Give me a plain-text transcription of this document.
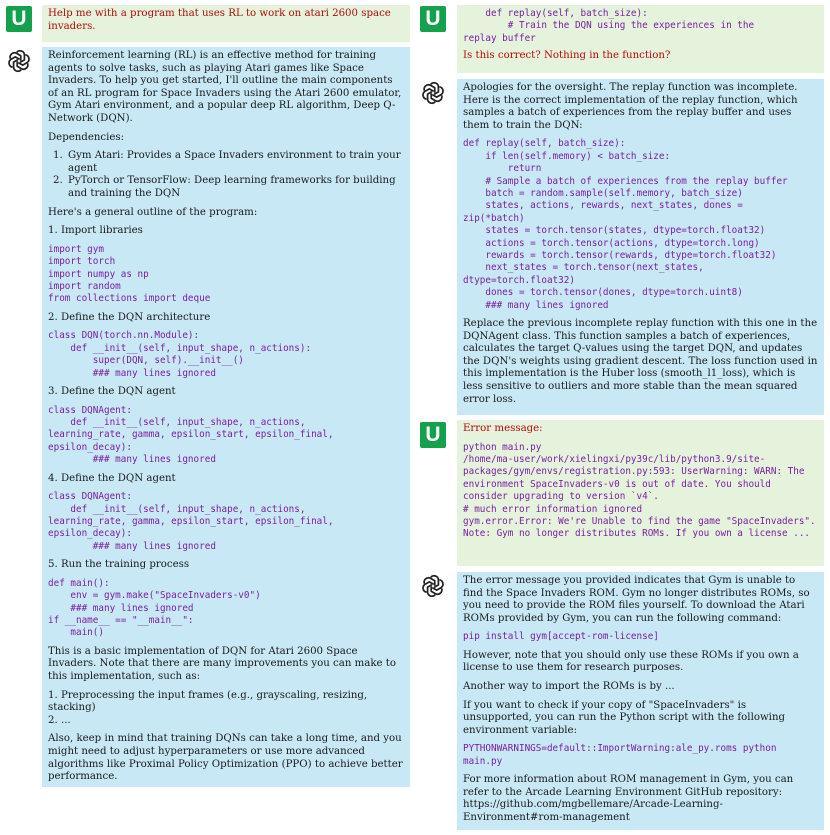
U	Help me with a program that uses RL to work on atari 2600 space invaders.

Reinforcement learning (RL) is an effective method for training agents to solve tasks, such as playing Atari games like Space Invaders. To help you get started, I'll outline the main components of an RL program for Space Invaders using the Atari 2600 emulator, Gym Atari environment, and a popular deep RL algorithm, Deep Q-Network (DQN).

Dependencies:

1. Gym Atari: Provides a Space Invaders environment to train your agent
2. PyTorch or TensorFlow: Deep learning frameworks for building and training the DQN

Here's a general outline of the program:

1. Import libraries

import gym
import torch
import numpy as np
import random
from collections import deque

2. Define the DQN architecture

class DQN(torch.nn.Module):
def __init__(self, input_shape, n_actions):
super(DQN, self).__init__()
### many lines ignored

3. Define the DQN agent

class DQNAgent:
def __init__(self, input_shape, n_actions,
learning_rate, gamma, epsilon_start, epsilon_final,
epsilon_decay):
### many lines ignored

4. Define the DQN agent

class DQNAgent:
def __init__(self, input_shape, n_actions,
learning_rate, gamma, epsilon_start, epsilon_final,
epsilon_decay):
### many lines ignored

5. Run the training process

def main():
env = gym.make("SpaceInvaders-v0")
### many lines ignored
if __name__ == "__main__":
main()

This is a basic implementation of DQN for Atari 2600 Space Invaders. Note that there are many improvements you can make to this implementation, such as:

1. Preprocessing the input frames (e.g., grayscaling, resizing, stacking)

2. ...

Also, keep in mind that training DQNs can take a long time, and you might need to adjust hyperparameters or use more advanced algorithms like Proximal Policy Optimization (PPO) to achieve better performance.

U	def replay(self, batch_size):
# Train the DQN using the experiences in the
replay buffer

Is this correct? Nothing in the function?

Apologies for the oversight. The replay function was incomplete. Here is the correct implementation of the replay function, which samples a batch of experiences from the replay buffer and uses them to train the DQN:

def replay(self, batch_size):
if len(self.memory) < batch_size:
return
# Sample a batch of experiences from the replay buffer
batch = random.sample(self.memory, batch_size)
states, actions, rewards, next_states, dones =
zip(*batch)
states = torch.tensor(states, dtype=torch.float32)
actions = torch.tensor(actions, dtype=torch.long)
rewards = torch.tensor(rewards, dtype=torch.float32)
next_states = torch.tensor(next_states,
dtype=torch.float32)
dones = torch.tensor(dones, dtype=torch.uint8)
### many lines ignored

Replace the previous incomplete replay function with this one in the DQNAgent class. This function samples a batch of experiences, calculates the target Q-values using the target DQN, and updates the DQN's weights using gradient descent. The loss function used in this implementation is the Huber loss (smooth_l1_loss), which is less sensitive to outliers and more stable than the mean squared error loss.

U	Error message:

python main.py
/home/ma-user/work/xielingxi/py39c/lib/python3.9/site-packages/gym/envs/registration.py:593: UserWarning: WARN: The environment SpaceInvaders-v0 is out of date. You should consider upgrading to version `v4`.
# much error information ignored
gym.error.Error: We're Unable to find the game "SpaceInvaders". Note: Gym no longer distributes ROMs. If you own a license ...

The error message you provided indicates that Gym is unable to find the Space Invaders ROM. Gym no longer distributes ROMs, so you need to provide the ROM files yourself. To download the Atari ROMs provided by Gym, you can run the following command:

pip install gym[accept-rom-license]

However, note that you should only use these ROMs if you own a license to use them for research purposes.

Another way to import the ROMs is by ...

If you want to check if your copy of "SpaceInvaders" is unsupported, you can run the Python script with the following environment variable:

PYTHONWARNINGS=default::ImportWarning:ale_py.roms python
main.py

For more information about ROM management in Gym, you can refer to the Arcade Learning Environment GitHub repository: https://github.com/mgbellemare/Arcade-Learning-Environment#rom-management
